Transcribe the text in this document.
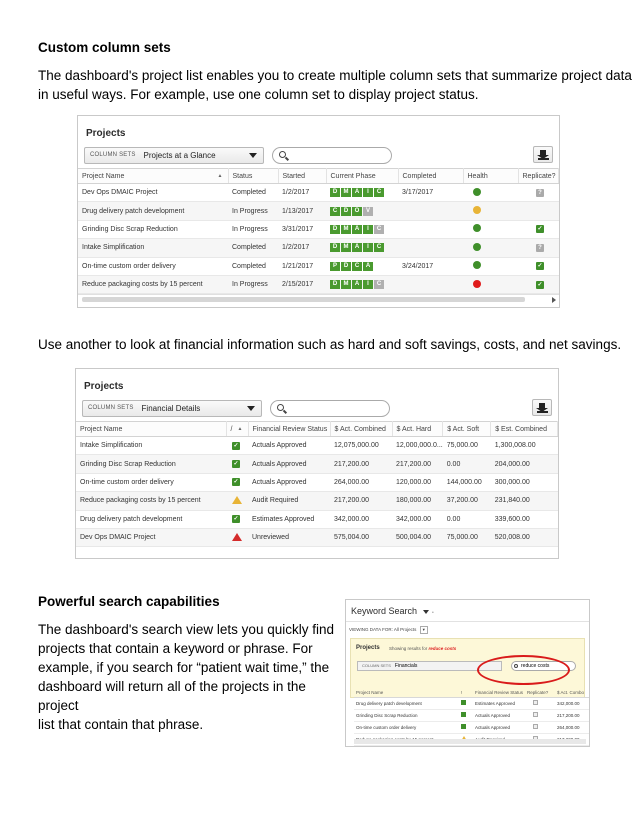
Custom column sets
The dashboard's project list enables you to create multiple column sets that summarize project data
in useful ways. For example, use one column set to display project status.
Projects
COLUMN SETS Projects at a Glance
Project Name ▲	Status	Started	Current Phase	Completed	Health	Replicate?
Dev Ops DMAIC Project	Completed	1/2/2017	D M A I C	3/17/2017		?
Drug delivery patch development	In Progress	1/13/2017	C D O V			

Grinding Disc Scrap Reduction	In Progress	3/31/2017	D M A I C			✓
Intake Simplification	Completed	1/2/2017	D M A I C			?
On-time custom order delivery	Completed	1/21/2017	P D C A	3/24/2017		✓
Reduce packaging costs by 15 percent	In Progress	2/15/2017	D M A I C			✓
Use another to look at financial information such as hard and soft savings, costs, and net savings.
Projects
COLUMN SETS Financial Details
Project Name	/ ▲	Financial Review Status	$ Act. Combined	$ Act. Hard	$ Act. Soft	$ Est. Combined
Intake Simplification	✓	Actuals Approved	12,075,000.00	12,000,000.0...	75,000.00	1,300,008.00
Grinding Disc Scrap Reduction	✓	Actuals Approved	217,200.00	217,200.00	0.00	204,000.00
On-time custom order delivery	✓	Actuals Approved	264,000.00	120,000.00	144,000.00	300,000.00
Reduce packaging costs by 15 percent		Audit Required	217,200.00	180,000.00	37,200.00	231,840.00
Drug delivery patch development	✓	Estimates Approved	342,000.00	342,000.00	0.00	339,600.00
Dev Ops DMAIC Project		Unreviewed	575,004.00	500,004.00	75,000.00	520,008.00
Powerful search capabilities
The dashboard's search view lets you quickly find
projects that contain a keyword or phrase. For
example, if you search for “patient wait time,” the
dashboard will return all of the projects in the project
list that contain that phrase.
Keyword Search	•
VIEWING DATA FOR: All Projects ▾
Projects Showing results for reduce costs
COLUMN SETS Financials	reduce costs
Project Name	!	Financial Review Status	Replicate?	$ Act. Combo
Drug delivery patch development		Estimates Approved		342,000.00
Grinding Disc Scrap Reduction		Actuals Approved		217,200.00
On-time custom order delivery		Actuals Approved		264,000.00
